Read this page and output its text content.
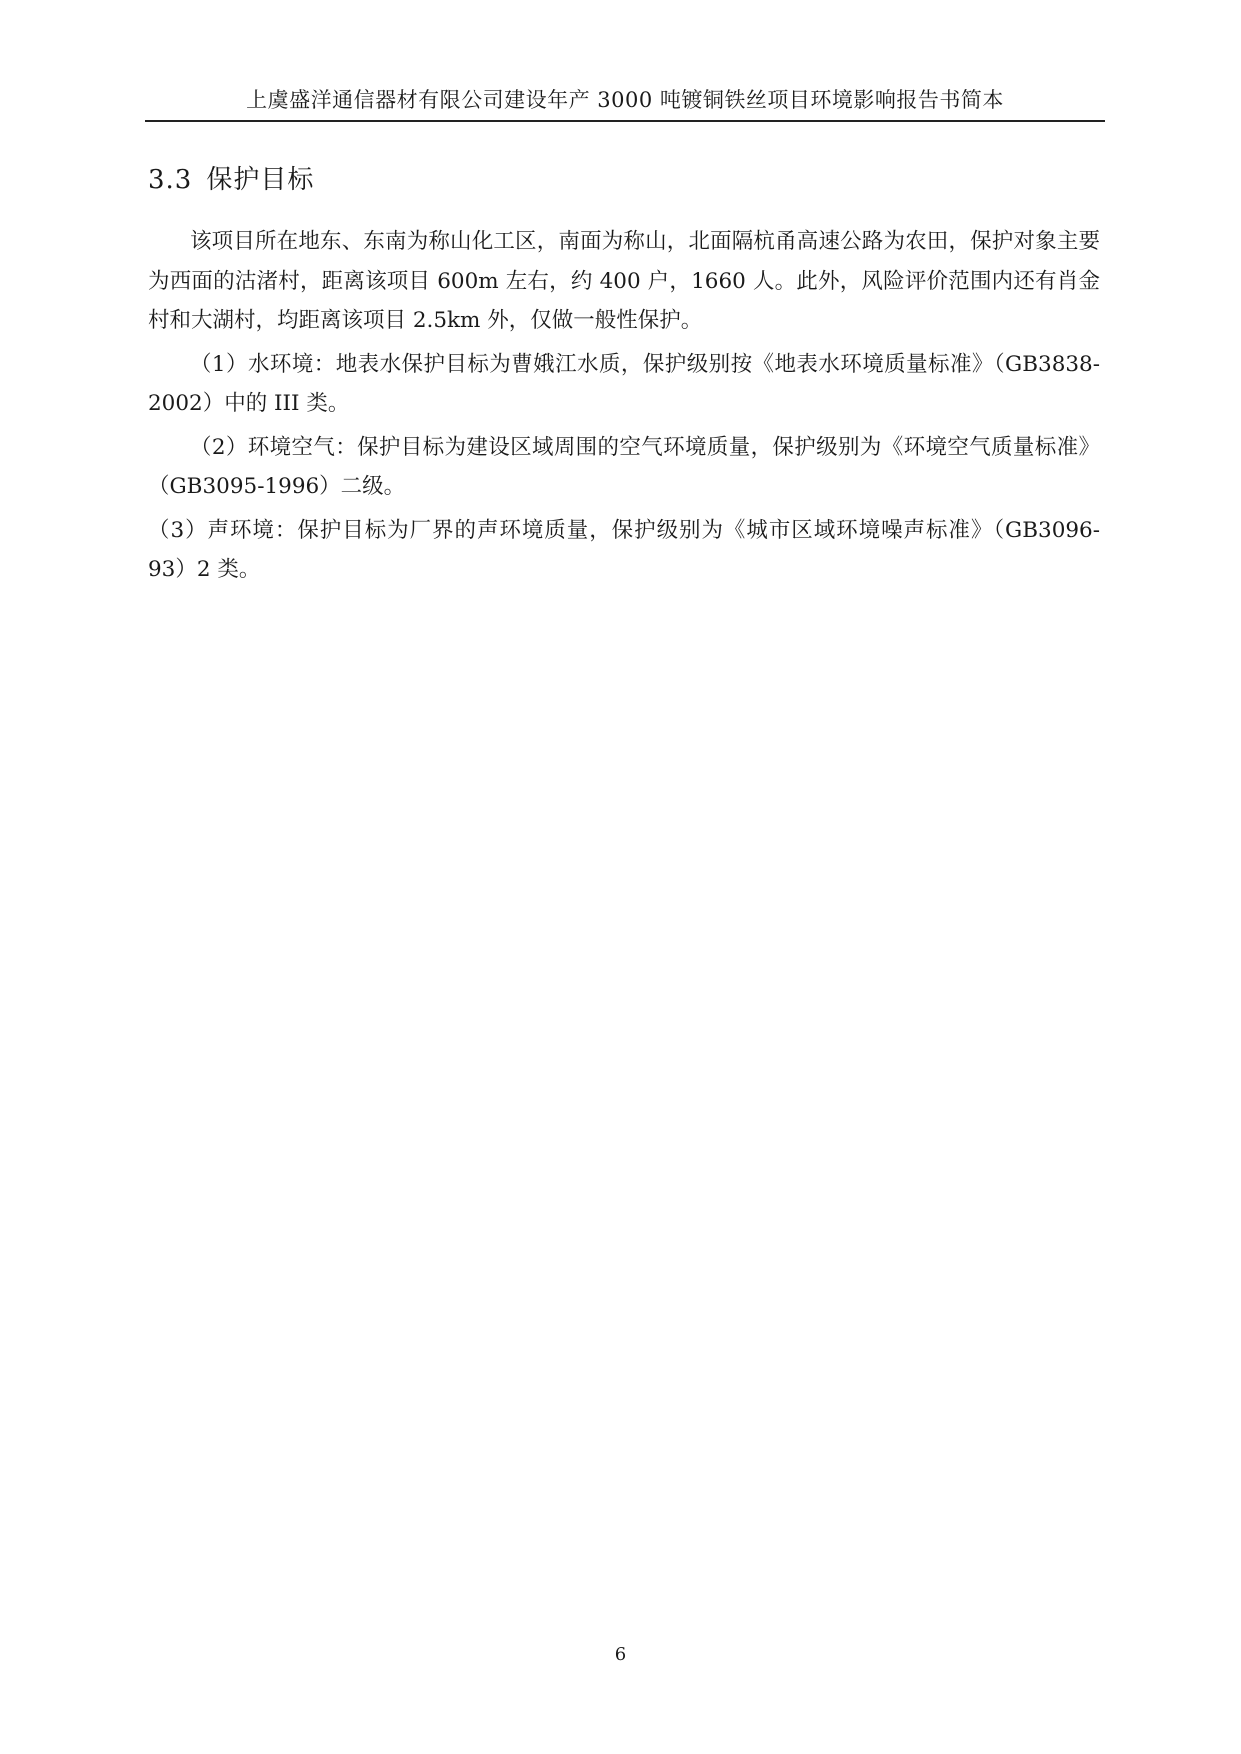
上虞盛洋通信器材有限公司建设年产 3000 吨镀铜铁丝项目环境影响报告书简本
3.3 保护目标

该项目所在地东、东南为称山化工区，南面为称山，北面隔杭甬高速公路为农田，保护对象主要为西面的沽渚村，距离该项目 600m 左右，约 400 户，1660 人。此外，风险评价范围内还有肖金村和大湖村，均距离该项目 2.5km 外，仅做一般性保护。

（1）水环境：地表水保护目标为曹娥江水质，保护级别按《地表水环境质量标准》（GB3838-2002）中的 III 类。

（2）环境空气：保护目标为建设区域周围的空气环境质量，保护级别为《环境空气质量标准》（GB3095-1996）二级。

（3）声环境：保护目标为厂界的声环境质量，保护级别为《城市区域环境噪声标准》（GB3096-93）2 类。

6
